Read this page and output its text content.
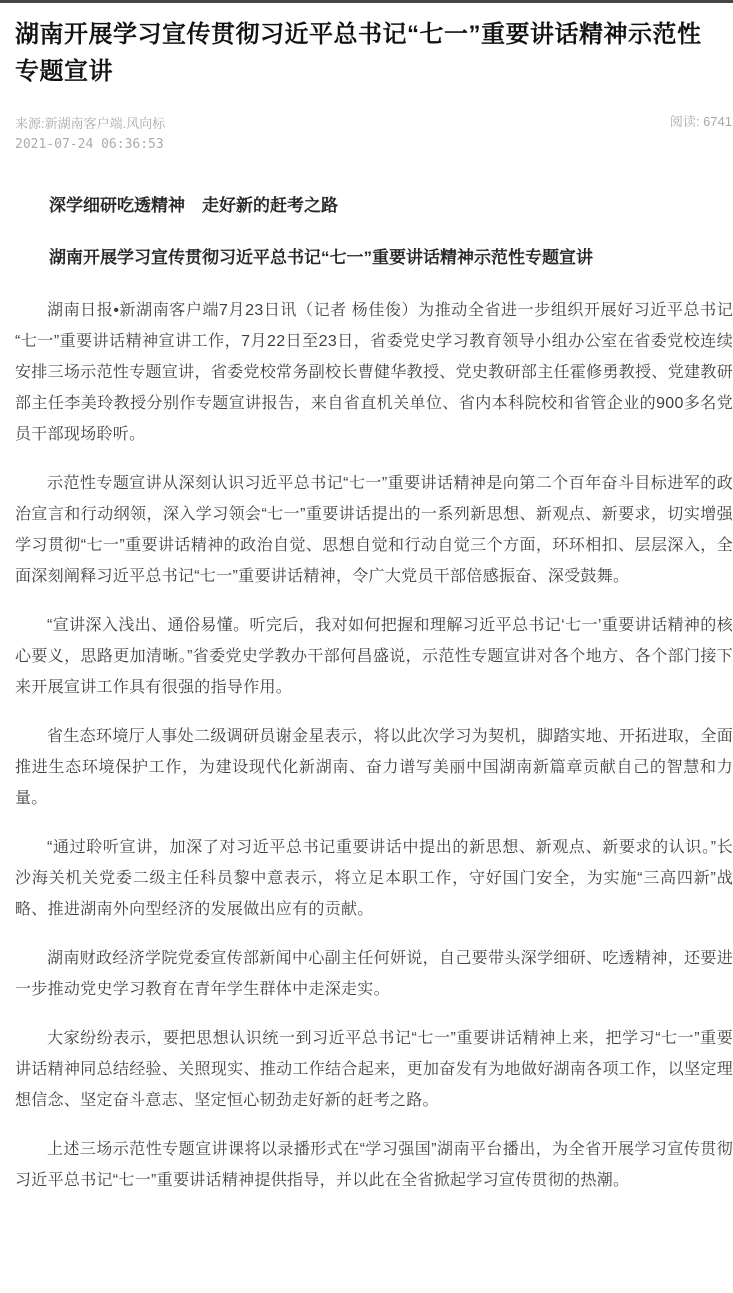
湖南开展学习宣传贯彻习近平总书记“七一”重要讲话精神示范性专题宣讲
来源:新湖南客户端.风向标
2021-07-24 06:36:53
阅读: 6741

深学细研吃透精神　走好新的赶考之路

湖南开展学习宣传贯彻习近平总书记“七一”重要讲话精神示范性专题宣讲

湖南日报•新湖南客户端7月23日讯（记者 杨佳俊）为推动全省进一步组织开展好习近平总书记“七一”重要讲话精神宣讲工作，7月22日至23日，省委党史学习教育领导小组办公室在省委党校连续安排三场示范性专题宣讲，省委党校常务副校长曹健华教授、党史教研部主任霍修勇教授、党建教研部主任李美玲教授分别作专题宣讲报告，来自省直机关单位、省内本科院校和省管企业的900多名党员干部现场聆听。

示范性专题宣讲从深刻认识习近平总书记“七一”重要讲话精神是向第二个百年奋斗目标进军的政治宣言和行动纲领，深入学习领会“七一”重要讲话提出的一系列新思想、新观点、新要求，切实增强学习贯彻“七一”重要讲话精神的政治自觉、思想自觉和行动自觉三个方面，环环相扣、层层深入，全面深刻阐释习近平总书记“七一”重要讲话精神，令广大党员干部倍感振奋、深受鼓舞。

“宣讲深入浅出、通俗易懂。听完后，我对如何把握和理解习近平总书记‘七一’重要讲话精神的核心要义，思路更加清晰。”省委党史学教办干部何昌盛说，示范性专题宣讲对各个地方、各个部门接下来开展宣讲工作具有很强的指导作用。

省生态环境厅人事处二级调研员谢金星表示，将以此次学习为契机，脚踏实地、开拓进取，全面推进生态环境保护工作，为建设现代化新湖南、奋力谱写美丽中国湖南新篇章贡献自己的智慧和力量。

“通过聆听宣讲，加深了对习近平总书记重要讲话中提出的新思想、新观点、新要求的认识。”长沙海关机关党委二级主任科员黎中意表示，将立足本职工作，守好国门安全，为实施“三高四新”战略、推进湖南外向型经济的发展做出应有的贡献。

湖南财政经济学院党委宣传部新闻中心副主任何妍说，自己要带头深学细研、吃透精神，还要进一步推动党史学习教育在青年学生群体中走深走实。

大家纷纷表示，要把思想认识统一到习近平总书记“七一”重要讲话精神上来，把学习“七一”重要讲话精神同总结经验、关照现实、推动工作结合起来，更加奋发有为地做好湖南各项工作，以坚定理想信念、坚定奋斗意志、坚定恒心韧劲走好新的赶考之路。

上述三场示范性专题宣讲课将以录播形式在“学习强国”湖南平台播出，为全省开展学习宣传贯彻习近平总书记“七一”重要讲话精神提供指导，并以此在全省掀起学习宣传贯彻的热潮。
